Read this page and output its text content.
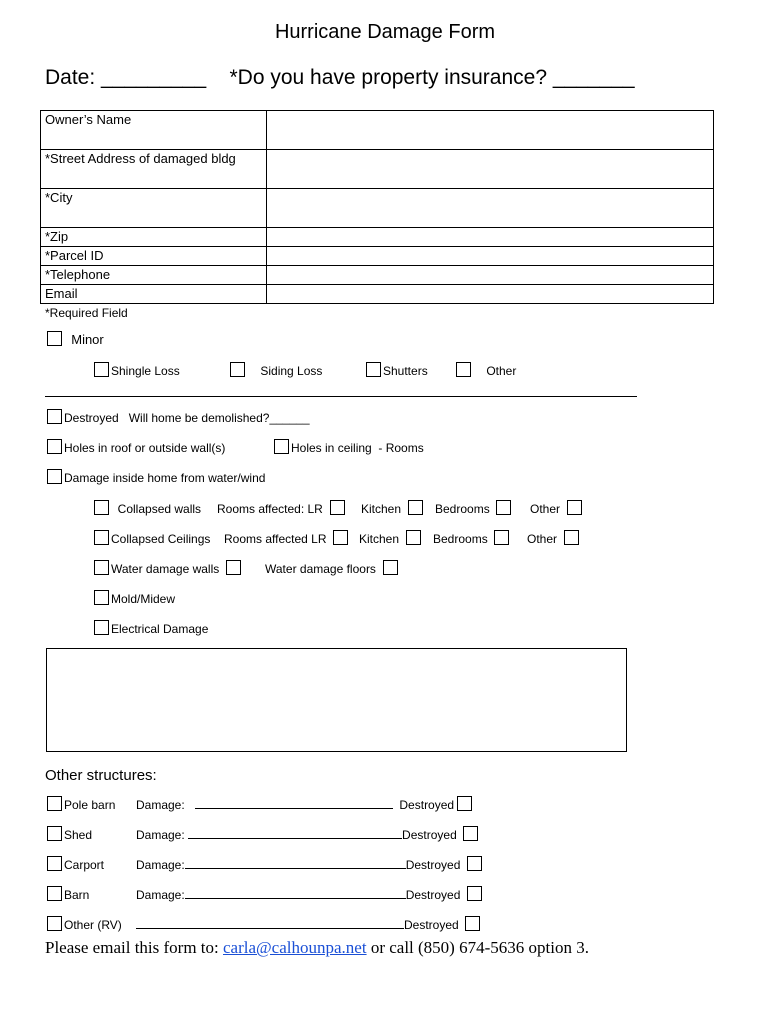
Hurricane Damage Form
Date: _________ *Do you have property insurance? _______
Owner’s Name	
*Street Address of damaged bldg	
*City	
*Zip	
*Parcel ID	
*Telephone	
Email	
*Required Field
Minor
Shingle Loss	Siding Loss	Shutters	Other
Destroyed Will home be demolished?______
Holes in roof or outside wall(s)	Holes in ceiling - Rooms
Damage inside home from water/wind
Collapsed walls Rooms affected: LR	Kitchen	Bedrooms	Other
Collapsed Ceilings Rooms affected LR	Kitchen	Bedrooms	Other
Water damage walls	Water damage floors
Mold/Midew
Electrical Damage
Other structures:
Pole barn Damage:	Destroyed
Shed	Damage:	Destroyed
Carport	Damage:	Destroyed
Barn	Damage:	Destroyed
Other (RV)	Destroyed
Please email this form to: carla@calhounpa.net or call (850) 674-5636 option 3.
